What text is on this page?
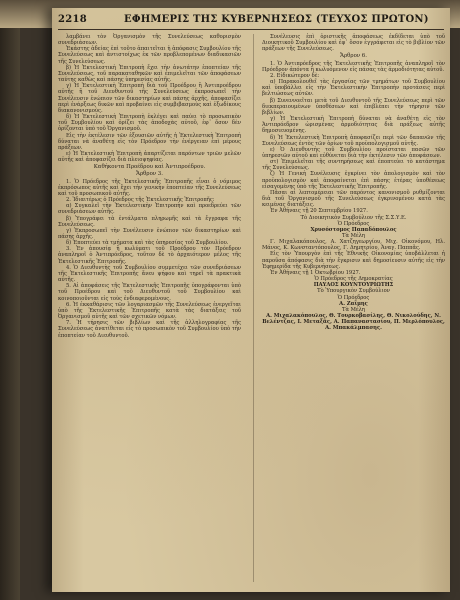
2218	ΕΦΗΜΕΡΙΣ ΤΗΣ ΚΥΒΕΡΝΗΣΕΩΣ (ΤΕΥΧΟΣ ΠΡΩΤΟΝ)

λαμβάνει τὸν Ὀργανισμὸν τῆς Συνελεύσεως καθορισμὸν συνεδριάσεων.

Ἑκάστης ἀδείας ἐπὶ τοῦτο ἀπαιτεῖται ἡ ἀπόφασις Συμβουλίου τῆς Συνελεύσεως καὶ ἀντιστοίχως ἐκ τῶν προβλεπομένων διαδικασιῶν τῆς Συνελεύσεως.

β) Ἡ Ἐκτελεστικὴ Ἐπιτροπὴ ἔχει τὴν ἀνωτάτην ἐποπτείαν τῆς Συνελεύσεως, τοῦ παρακαταθηκῶν καὶ ἐπιμελεῖται τῶν ἀποφάσεων ταύτης καθὼς καὶ πάσης ὑπηρεσίας αὐτῆς.

γ) Ἡ Ἐκτελεστικὴ Ἐπιτροπὴ διὰ τοῦ Προέδρου ἢ Ἀντιπροέδρου αὐτῆς ἢ τοῦ Διευθυντοῦ τῆς Συνελεύσεως ἐκπροσωπεῖ τὴν Συνέλευσιν ἐνώπιον τῶν δικαστηρίων καὶ πάσης ἀρχῆς, ἀποφασίζει περὶ ἐνάρξεως δικῶν καὶ προβαίνει εἰς συμβιβασμοὺς καὶ ἐξωδίκους διακανονισμοὺς.

δ) Ἡ Ἐκτελεστικὴ Ἐπιτροπὴ ἐκλέγει καὶ παύει τὸ προσωπικὸν τοῦ Συμβουλίου καὶ ὁρίζει τὰς ἀποδοχὰς αὐτοῦ, ἐφ᾽ ὅσον δὲν ὁρίζονται ὑπὸ τοῦ Ὀργανισμοῦ.

Εἰς τὴν ἐκτέλεσιν τῶν ἐξουσιῶν αὐτῆς ἡ Ἐκτελεστικὴ Ἐπιτροπὴ δύναται νὰ ἀναθέτῃ εἰς τὸν Πρόεδρον τὴν ἐνέργειαν ἐπὶ μέρους πράξεων.

ε) Ἡ Ἐκτελεστικὴ Ἐπιτροπὴ ἀπαρτίζεται παρόντων τριῶν μελῶν αὐτῆς καὶ ἀποφασίζει διὰ πλειοψηφίας.

Καθήκοντα Προέδρου καὶ Ἀντιπροέδρου.

Ἄρθρον 3.

1. Ὁ Πρόεδρος τῆς Ἐκτελεστικῆς Ἐπιτροπῆς εἶναι ὁ νόμιμος ἐκπρόσωπος αὐτῆς καὶ ἔχει τὴν γενικὴν ἐποπτείαν τῆς Συνελεύσεως καὶ τοῦ προσωπικοῦ αὐτῆς.

2. Ἰδιαιτέρως ὁ Πρόεδρος τῆς Ἐκτελεστικῆς Ἐπιτροπῆς:

α) Συγκαλεῖ τὴν Ἐκτελεστικὴν Ἐπιτροπὴν καὶ προεδρεύει τῶν συνεδριάσεων αὐτῆς.

β) Ὑπογράφει τὰ ἐντάλματα πληρωμῆς καὶ τὰ ἔγγραφα τῆς Συνελεύσεως.

γ) Ἐκπροσωπεῖ τὴν Συνέλευσιν ἐνώπιον τῶν δικαστηρίων καὶ πάσης ἀρχῆς.

δ) Ἐποπτεύει τὰ τμήματα καὶ τὰς ὑπηρεσίας τοῦ Συμβουλίου.

3. Ἐν ἀπουσίᾳ ἢ κωλύματι τοῦ Προέδρου τὸν Πρόεδρον ἀναπληροῖ ὁ Ἀντιπρόεδρος, τοῦτον δὲ τὸ ἀρχαιότερον μέλος τῆς Ἐκτελεστικῆς Ἐπιτροπῆς.

4. Ὁ Διευθυντὴς τοῦ Συμβουλίου συμμετέχει τῶν συνεδριάσεων τῆς Ἐκτελεστικῆς Ἐπιτροπῆς ἄνευ ψήφου καὶ τηρεῖ τὰ πρακτικὰ αὐτῆς.

5. Αἱ ἀποφάσεις τῆς Ἐκτελεστικῆς Ἐπιτροπῆς ὑπογράφονται ὑπὸ τοῦ Προέδρου καὶ τοῦ Διευθυντοῦ τοῦ Συμβουλίου καὶ κοινοποιοῦνται εἰς τοὺς ἐνδιαφερομένους.

6. Ἡ ἐκκαθάρισις τῶν λογαριασμῶν τῆς Συνελεύσεως ἐνεργεῖται ὑπὸ τῆς Ἐκτελεστικῆς Ἐπιτροπῆς κατὰ τὰς διατάξεις τοῦ Ὀργανισμοῦ αὐτῆς καὶ τῶν σχετικῶν νόμων.

7. Ἡ τήρησις τῶν βιβλίων καὶ τῆς ἀλληλογραφίας τῆς Συνελεύσεως ἀνατίθεται εἰς τὸ προσωπικὸν τοῦ Συμβουλίου ὑπὸ τὴν ἐποπτείαν τοῦ Διευθυντοῦ.

Συνέλευσις ἐπὶ ὁριστικῆς ἀποφάσεως ἐκδίδεται ὑπὸ τοῦ Διοικητικοῦ Συμβουλίου καὶ ἐφ᾽ ὅσον ἐγγράφεται εἰς τὸ βιβλίον τῶν πράξεων τῆς Συνελεύσεως.

Ἄρθρον 6.

1. Ὁ Ἀντιπρόεδρος τῆς Ἐκτελεστικῆς Ἐπιτροπῆς ἀναπληροῖ τὸν Πρόεδρον ἀπόντα ἢ κωλυόμενον εἰς πάσας τὰς ἀρμοδιότητας αὐτοῦ.

2. Εἰδικώτερον δὲ:

α) Παρακολουθεῖ τὰς ἐργασίας τῶν τμημάτων τοῦ Συμβουλίου καὶ ὑποβάλλει εἰς τὴν Ἐκτελεστικὴν Ἐπιτροπὴν προτάσεις περὶ βελτιώσεως αὐτῶν.

β) Συνεννοεῖται μετὰ τοῦ Διευθυντοῦ τῆς Συνελεύσεως περὶ τῶν διεκπεραιουμένων ὑποθέσεων καὶ ἐπιβλέπει τὴν τήρησιν τῶν βιβλίων.

γ) Ἡ Ἐκτελεστικὴ Ἐπιτροπὴ δύναται νὰ ἀναθέτῃ εἰς τὸν Ἀντιπρόεδρον ὡρισμένας ἁρμοδιότητας διὰ πράξεως αὐτῆς δημοσιευομένης.

δ) Ἡ Ἐκτελεστικὴ Ἐπιτροπὴ ἀποφασίζει περὶ τῶν δαπανῶν τῆς Συνελεύσεως ἐντὸς τῶν ὁρίων τοῦ προϋπολογισμοῦ αὐτῆς.

ε) Ὁ Διευθυντὴς τοῦ Συμβουλίου προΐσταται πασῶν τῶν ὑπηρεσιῶν αὐτοῦ καὶ εὐθύνεται διὰ τὴν ἐκτέλεσιν τῶν ἀποφάσεων.

στ) Ἐπιμελεῖται τῆς συντηρήσεως καὶ ἐποπτεύει τὸ κατάστημα τῆς Συνελεύσεως.

ζ) Ἡ Γενικὴ Συνέλευσις ἐγκρίνει τὸν ἀπολογισμὸν καὶ τὸν προϋπολογισμὸν καὶ ἀποφαίνεται ἐπὶ πάσης ἐτέρας ὑποθέσεως εἰσαγομένης ὑπὸ τῆς Ἐκτελεστικῆς Ἐπιτροπῆς.

Πᾶσαι αἱ λεπτομέρειαι τῶν παρόντος κανονισμοῦ ρυθμίζονται διὰ τοῦ Ὀργανισμοῦ τῆς Συνελεύσεως ἐγκρινομένου κατὰ τὰς κειμένας διατάξεις.

Ἐν Ἀθήναις τῇ 20 Σεπτεμβρίου 1927.

Τὸ Διοικητικὸν Συμβούλιον τῆς Σ.Σ.Υ.Ε.

Ὁ Πρόεδρος

Χρυσόστομος Παπαδόπουλος

Τὰ Μέλη

Γ. Μιχαλακόπουλος, Α. Χατζηγεωργίου, Μιχ. Οἰκονόμου, Ηλ. Μάνος, Κ. Κωνσταντόπουλος, Γ. Δημητρίου, Ἀναγ. Παππᾶς.

Εἰς τὸν Ὑπουργὸν ἐπὶ τῆς Ἐθνικῆς Οἰκονομίας ὑποβάλλεται ἡ παροῦσα ἀπόφασις διὰ τὴν ἔγκρισιν καὶ δημοσίευσιν αὐτῆς εἰς τὴν Ἐφημερίδα τῆς Κυβερνήσεως.

Ἐν Ἀθήναις τῇ 1 Ὀκτωβρίου 1927.

Ὁ Πρόεδρος τῆς Δημοκρατίας

ΠΑΥΛΟΣ ΚΟΥΝΤΟΥΡΙΩΤΗΣ

Τὸ Ὑπουργικὸν Συμβούλιον

Ὁ Πρόεδρος

Α. Ζαΐμης

Τὰ Μέλη

Α. Μιχαλακόπουλος, Θ. Τουρκοβασίλης, Θ. Νικολούδης, Ν. Βελέντζας, Ι. Μεταξᾶς, Α. Παπαναστασίου, Π. Μερλόπουλος, Α. Μπακάλμπασης.
